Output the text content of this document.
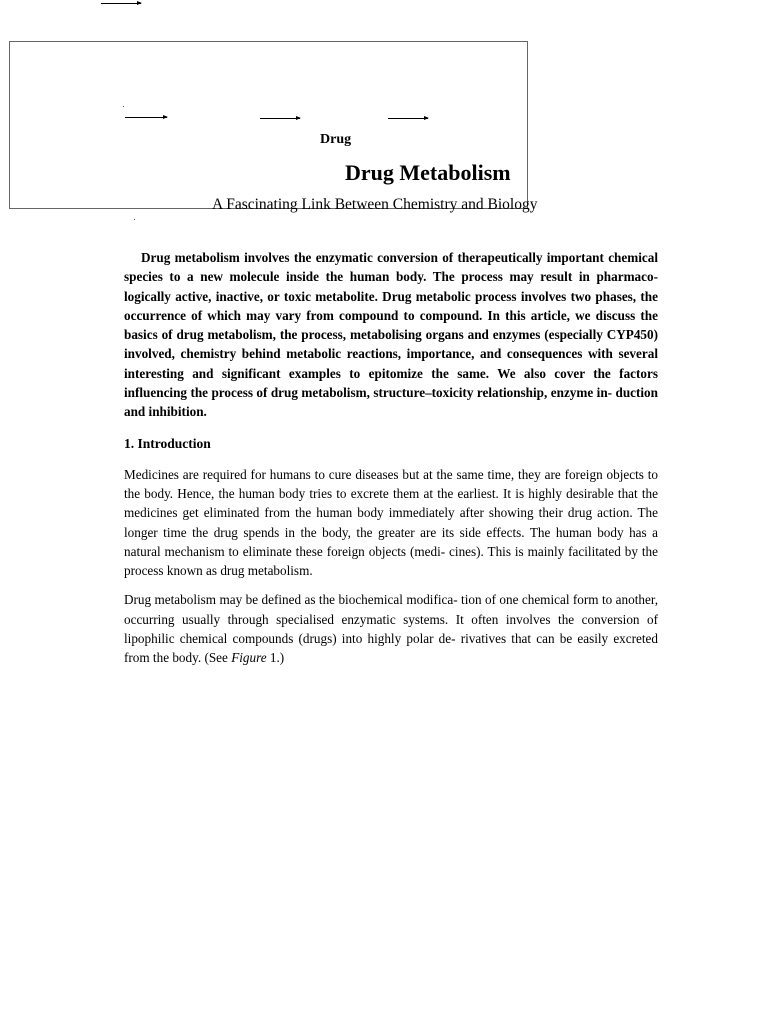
Drug

Drug Metabolism

A Fascinating Link Between Chemistry and Biology

Drug metabolism involves the enzymatic conversion of therapeutically important chemical species to a new molecule inside the human body. The process may result in pharmaco- logically active, inactive, or toxic metabolite. Drug metabolic process involves two phases, the occurrence of which may vary from compound to compound. In this article, we discuss the basics of drug metabolism, the process, metabolising organs and enzymes (especially CYP450) involved, chemistry behind metabolic reactions, importance, and consequences with several interesting and significant examples to epitomize the same. We also cover the factors influencing the process of drug metabolism, structure–toxicity relationship, enzyme in- duction and inhibition.

1. Introduction

Medicines are required for humans to cure diseases but at the same time, they are foreign objects to the body. Hence, the human body tries to excrete them at the earliest. It is highly desirable that the medicines get eliminated from the human body immediately after showing their drug action. The longer time the drug spends in the body, the greater are its side effects. The human body has a natural mechanism to eliminate these foreign objects (medi- cines). This is mainly facilitated by the process known as drug metabolism.

Drug metabolism may be defined as the biochemical modifica- tion of one chemical form to another, occurring usually through specialised enzymatic systems. It often involves the conversion of lipophilic chemical compounds (drugs) into highly polar de- rivatives that can be easily excreted from the body. (See Figure 1.)
